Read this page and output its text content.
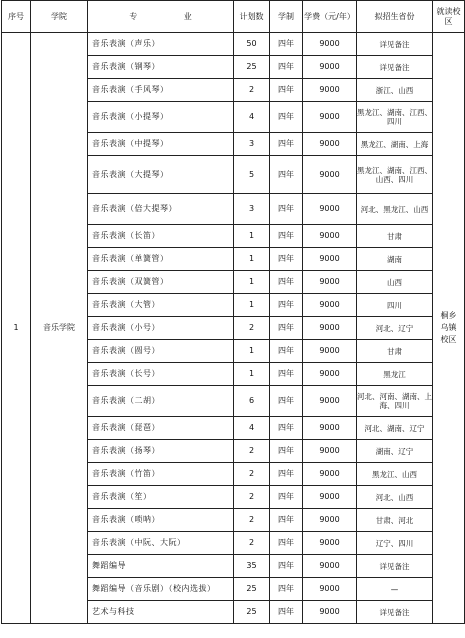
序号	学院	专 业	计划数	学制	学费（元/年）	拟招生省份	就读校区
1	音乐学院	音乐表演（声乐）	50	四年	9000	详见备注	桐乡乌镇校区

		音乐表演（钢琴）	25	四年	9000	详见备注	
		音乐表演（手风琴）	2	四年	9000	浙江、山西	
		音乐表演（小提琴）	4	四年	9000	黑龙江、湖南、江西、四川	
		音乐表演（中提琴）	3	四年	9000	黑龙江、湖南、上海	
		音乐表演（大提琴）	5	四年	9000	黑龙江、湖南、江西、山西、四川	
		音乐表演（倍大提琴）	3	四年	9000	河北、黑龙江、山西	
		音乐表演（长笛）	1	四年	9000	甘肃	
		音乐表演（单簧管）	1	四年	9000	湖南	
		音乐表演（双簧管）	1	四年	9000	山西	
		音乐表演（大管）	1	四年	9000	四川	
		音乐表演（小号）	2	四年	9000	河北、辽宁	
		音乐表演（圆号）	1	四年	9000	甘肃	
		音乐表演（长号）	1	四年	9000	黑龙江	
		音乐表演（二胡）	6	四年	9000	河北、河南、湖南、上海、四川	
		音乐表演（琵琶）	4	四年	9000	河北、湖南、辽宁	
		音乐表演（扬琴）	2	四年	9000	湖南、辽宁	
		音乐表演（竹笛）	2	四年	9000	黑龙江、山西	
		音乐表演（笙）	2	四年	9000	河北、山西	
		音乐表演（唢呐）	2	四年	9000	甘肃、河北	
		音乐表演（中阮、大阮）	2	四年	9000	辽宁、四川	
		舞蹈编导	35	四年	9000	详见备注	
		舞蹈编导（音乐剧）（校内选拔）	25	四年	9000	—	
		艺术与科技	25	四年	9000	详见备注	
